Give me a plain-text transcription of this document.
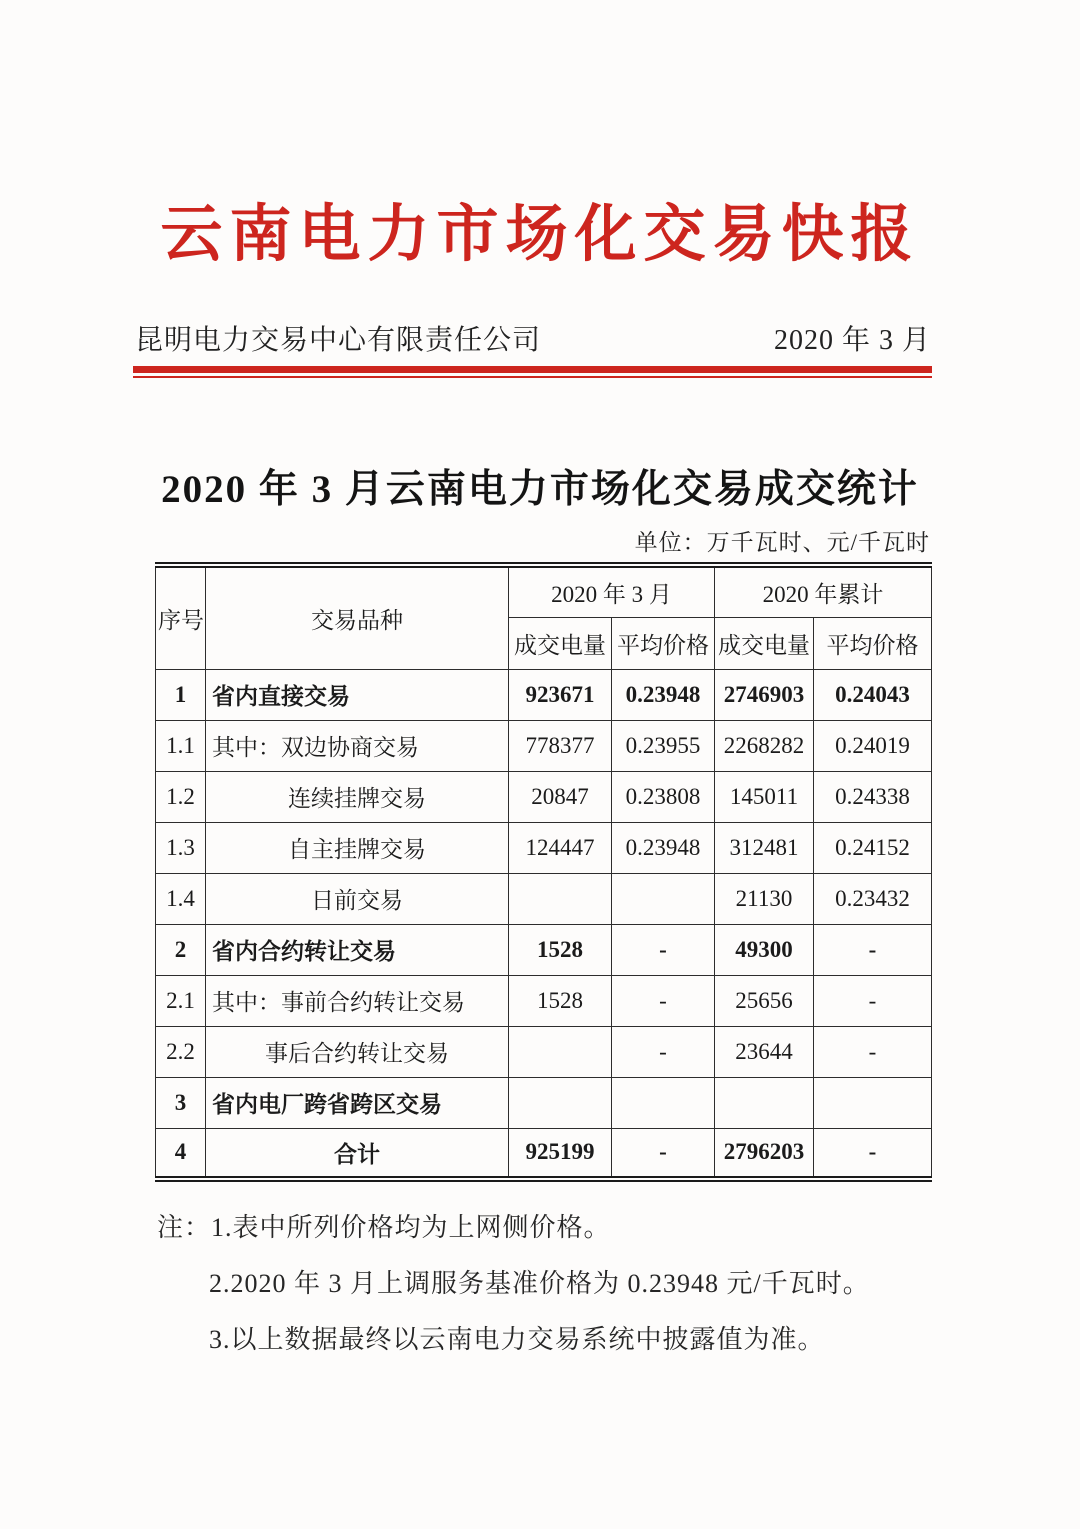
云南电力市场化交易快报
昆明电力交易中心有限责任公司	2020 年 3 月
2020 年 3 月云南电力市场化交易成交统计
单位：万千瓦时、元/千瓦时
序号	交易品种	2020 年 3 月		2020 年累计	
		成交电量	平均价格	成交电量	平均价格
1	省内直接交易	923671	0.23948	2746903	0.24043
1.1	其中：双边协商交易	778377	0.23955	2268282	0.24019
1.2	连续挂牌交易	20847	0.23808	145011	0.24338
1.3	自主挂牌交易	124447	0.23948	312481	0.24152
1.4	日前交易			21130	0.23432
2	省内合约转让交易	1528	-	49300	-
2.1	其中：事前合约转让交易	1528	-	25656	-
2.2	事后合约转让交易		-	23644	-
3	省内电厂跨省跨区交易				
4	合计	925199	-	2796203	-

注：1.表中所列价格均为上网侧价格。

2.2020 年 3 月上调服务基准价格为 0.23948 元/千瓦时。

3.以上数据最终以云南电力交易系统中披露值为准。
